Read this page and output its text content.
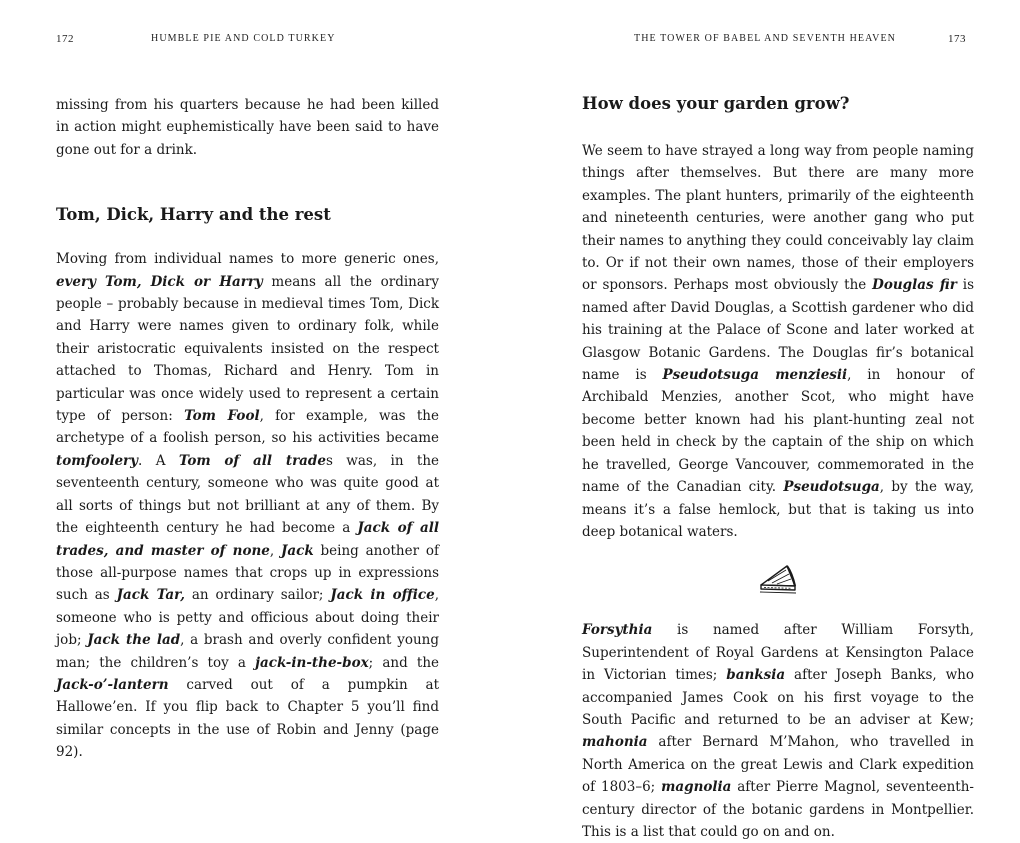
172	HUMBLE PIE AND COLD TURKEY

missing from his quarters because he had been killed in action might euphemistically have been said to have gone out for a drink.

Tom, Dick, Harry and the rest

Moving from individual names to more generic ones, every Tom, Dick or Harry means all the ordinary people – probably because in medieval times Tom, Dick and Harry were names given to ordinary folk, while their aristocratic equivalents insisted on the respect attached to Thomas, Richard and Henry. Tom in particular was once widely used to represent a certain type of person: Tom Fool, for example, was the archetype of a foolish person, so his activities became tomfoolery. A Tom of all trades was, in the seventeenth century, someone who was quite good at all sorts of things but not brilliant at any of them. By the eighteenth century he had become a Jack of all trades, and master of none, Jack being another of those all-purpose names that crops up in expressions such as Jack Tar, an ordinary sailor; Jack in office, someone who is petty and officious about doing their job; Jack the lad, a brash and overly confident young man; the children’s toy a jack-in-the-box; and the Jack-o’-lantern carved out of a pumpkin at Hallowe’en. If you flip back to Chapter 5 you’ll find similar concepts in the use of Robin and Jenny (page 92).

THE TOWER OF BABEL AND SEVENTH HEAVEN	173
How does your garden grow?

We seem to have strayed a long way from people naming things after themselves. But there are many more examples. The plant hunters, primarily of the eighteenth and nineteenth centuries, were another gang who put their names to anything they could conceivably lay claim to. Or if not their own names, those of their employers or sponsors. Perhaps most obviously the Douglas fir is named after David Douglas, a Scottish gardener who did his training at the Palace of Scone and later worked at Glasgow Botanic Gardens. The Douglas fir’s botanical name is Pseudotsuga menziesii, in honour of Archibald Menzies, another Scot, who might have become better known had his plant-hunting zeal not been held in check by the captain of the ship on which he travelled, George Vancouver, commemorated in the name of the Canadian city. Pseudotsuga, by the way, means it’s a false hemlock, but that is taking us into deep botanical waters.

Forsythia is named after William Forsyth, Superintendent of Royal Gardens at Kensington Palace in Victorian times; banksia after Joseph Banks, who accompanied James Cook on his first voyage to the South Pacific and returned to be an adviser at Kew; mahonia after Bernard M’Mahon, who travelled in North America on the great Lewis and Clark expedition of 1803–6; magnolia after Pierre Magnol, seventeenth-century director of the botanic gardens in Montpellier. This is a list that could go on and on.
